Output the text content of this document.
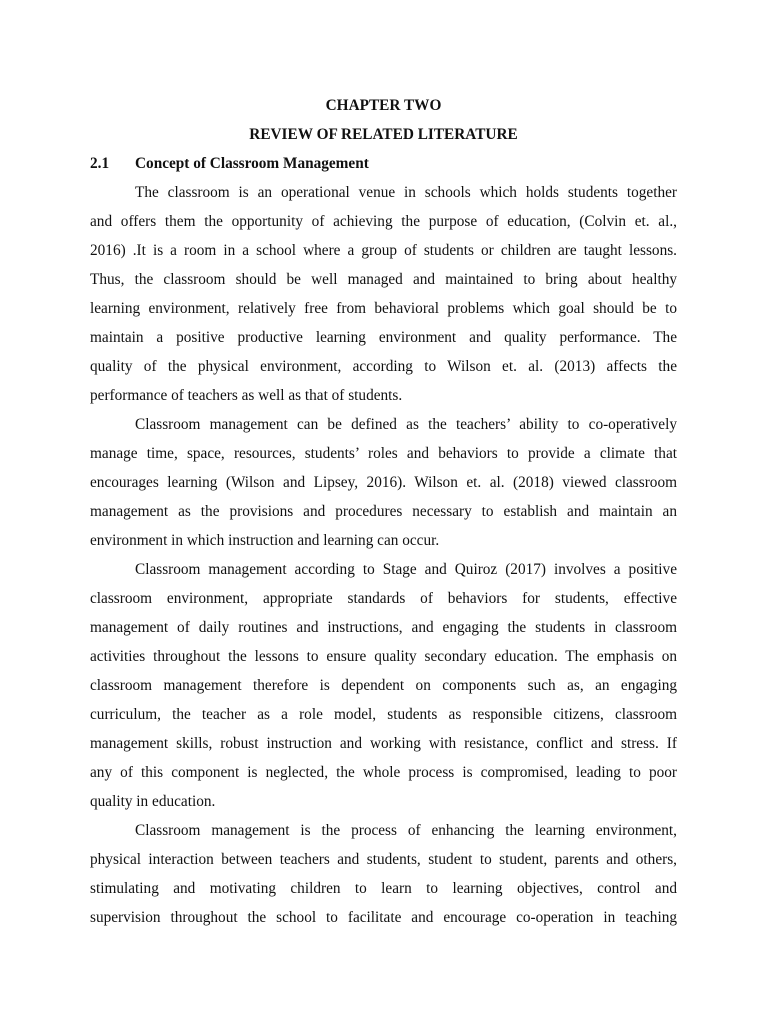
CHAPTER TWO
REVIEW OF RELATED LITERATURE
2.1 Concept of Classroom Management
The classroom is an operational venue in schools which holds students together
and offers them the opportunity of achieving the purpose of education, (Colvin et. al.,
2016) .It is a room in a school where a group of students or children are taught lessons.
Thus, the classroom should be well managed and maintained to bring about healthy
learning environment, relatively free from behavioral problems which goal should be to
maintain a positive productive learning environment and quality performance. The
quality of the physical environment, according to Wilson et. al. (2013) affects the
performance of teachers as well as that of students.
Classroom management can be defined as the teachers’ ability to co-operatively
manage time, space, resources, students’ roles and behaviors to provide a climate that
encourages learning (Wilson and Lipsey, 2016). Wilson et. al. (2018) viewed classroom
management as the provisions and procedures necessary to establish and maintain an
environment in which instruction and learning can occur.
Classroom management according to Stage and Quiroz (2017) involves a positive
classroom environment, appropriate standards of behaviors for students, effective
management of daily routines and instructions, and engaging the students in classroom
activities throughout the lessons to ensure quality secondary education. The emphasis on
classroom management therefore is dependent on components such as, an engaging
curriculum, the teacher as a role model, students as responsible citizens, classroom
management skills, robust instruction and working with resistance, conflict and stress. If
any of this component is neglected, the whole process is compromised, leading to poor
quality in education.
Classroom management is the process of enhancing the learning environment,
physical interaction between teachers and students, student to student, parents and others,
stimulating and motivating children to learn to learning objectives, control and
supervision throughout the school to facilitate and encourage co-operation in teaching
